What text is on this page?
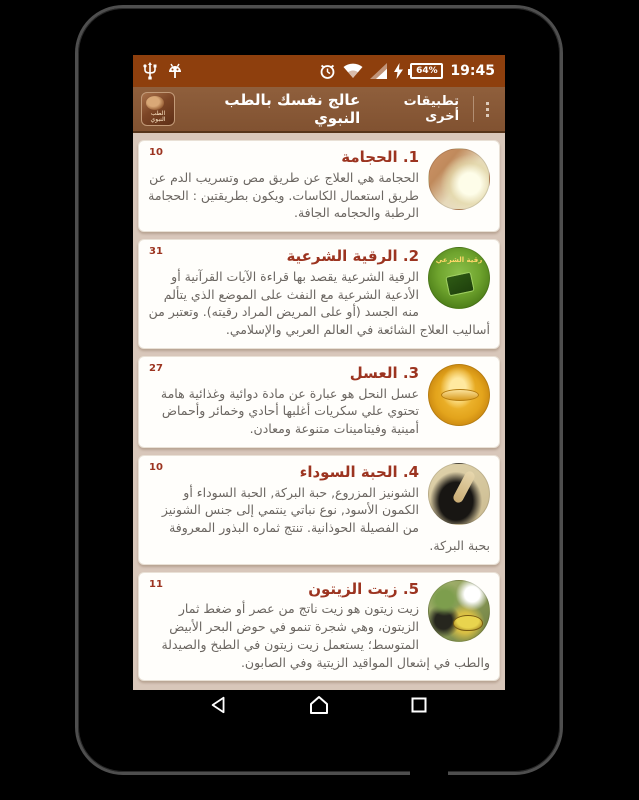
64% 19:45
الطب النبوي
عالج نفسك بالطب النبوي
تطبيقات أخرى
10	1. الحجامة
الحجامة هي العلاج عن طريق مص وتسريب الدم عن طريق استعمال الكاسات. ويكون بطريقتين : الحجامة الرطبة والحجامه الجافة.
31
رقية الشرعي
2. الرقية الشرعية
الرقية الشرعية يقصد بها قراءة الآيات القرآنية أو الأدعية الشرعية مع النفث على الموضع الذي يتألم منه الجسد (أو على المريض المراد رقيته). وتعتبر من أساليب العلاج الشائعة في العالم العربي والإسلامي.
27	3. العسل
عسل النحل هو عبارة عن مادة دوائية وغذائية هامة تحتوي علي سكريات أغلبها أحادي وخمائر وأحماض أمينية وفيتامينات متنوعة ومعادن.
10	4. الحبة السوداء
الشونيز المزروع, حبة البركة, الحبة السوداء أو الكمون الأسود, نوع نباتي ينتمي إلى جنس الشونيز من الفصيلة الحوذانية. تنتج ثماره البذور المعروفة بحبة البركة.
11	5. زيت الزيتون
زيت زيتون هو زيت ناتج من عصر أو ضغط ثمار الزيتون، وهي شجرة تنمو في حوض البحر الأبيض المتوسط؛ يستعمل زيت زيتون في الطبخ والصيدلة والطب في إشعال المواقيد الزيتية وفي الصابون.
